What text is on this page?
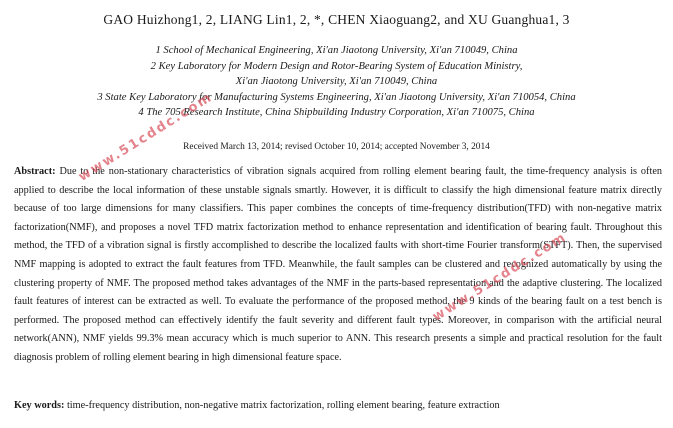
GAO Huizhong1, 2, LIANG Lin1, 2, *, CHEN Xiaoguang2, and XU Guanghua1, 3
1 School of Mechanical Engineering, Xi'an Jiaotong University, Xi'an 710049, China
2 Key Laboratory for Modern Design and Rotor-Bearing System of Education Ministry,
Xi'an Jiaotong University, Xi'an 710049, China
3 State Key Laboratory for Manufacturing Systems Engineering, Xi'an Jiaotong University, Xi'an 710054, China
4 The 705 Research Institute, China Shipbuilding Industry Corporation, Xi'an 710075, China
Received March 13, 2014; revised October 10, 2014; accepted November 3, 2014
Abstract: Due to the non-stationary characteristics of vibration signals acquired from rolling element bearing fault, the time-frequency analysis is often applied to describe the local information of these unstable signals smartly. However, it is difficult to classify the high dimensional feature matrix directly because of too large dimensions for many classifiers. This paper combines the concepts of time-frequency distribution(TFD) with non-negative matrix factorization(NMF), and proposes a novel TFD matrix factorization method to enhance representation and identification of bearing fault. Throughout this method, the TFD of a vibration signal is firstly accomplished to describe the localized faults with short-time Fourier transform(STFT). Then, the supervised NMF mapping is adopted to extract the fault features from TFD. Meanwhile, the fault samples can be clustered and recognized automatically by using the clustering property of NMF. The proposed method takes advantages of the NMF in the parts-based representation and the adaptive clustering. The localized fault features of interest can be extracted as well. To evaluate the performance of the proposed method, the 9 kinds of the bearing fault on a test bench is performed. The proposed method can effectively identify the fault severity and different fault types. Moreover, in comparison with the artificial neural network(ANN), NMF yields 99.3% mean accuracy which is much superior to ANN. This research presents a simple and practical resolution for the fault diagnosis problem of rolling element bearing in high dimensional feature space.
Key words: time-frequency distribution, non-negative matrix factorization, rolling element bearing, feature extraction
www.51cddc.com
www.51cddc.com
